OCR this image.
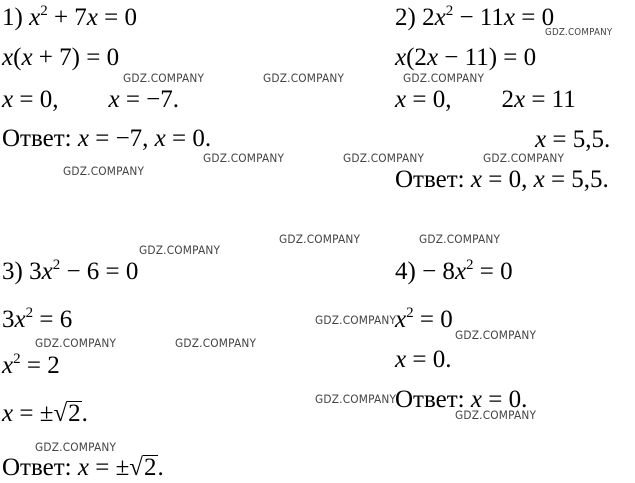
1) $x^2 + 7x = 0$
x(x + 7) = 0
x = 0,        x = −7.
Ответ: x = −7, x = 0.
2) $2x^2 - 11x = 0$
x(2x − 11) = 0
x = 0,        2x = 11
x = 5,5.
Ответ: x = 0, x = 5,5.
3) $3x^2 - 6 = 0$
$3x^2 = 6$
$x^2 = 2$
x = ±√2.
Ответ: x = ±√2.
$4) - 8x^2 = 0$
$x^2 = 0$
x = 0.
Ответ: x = 0.
GDZ.COMPANY
GDZ.COMPANY	GDZ.COMPANY	GDZ.COMPANY
GDZ.COMPANY	GDZ.COMPANY	GDZ.COMPANY
GDZ.COMPANY
GDZ.COMPANY	GDZ.COMPANY
GDZ.COMPANY
GDZ.COMPANY
GDZ.COMPANY
GDZ.COMPANY	GDZ.COMPANY
GDZ.COMPANY
GDZ.COMPANY
GDZ.COMPANY
